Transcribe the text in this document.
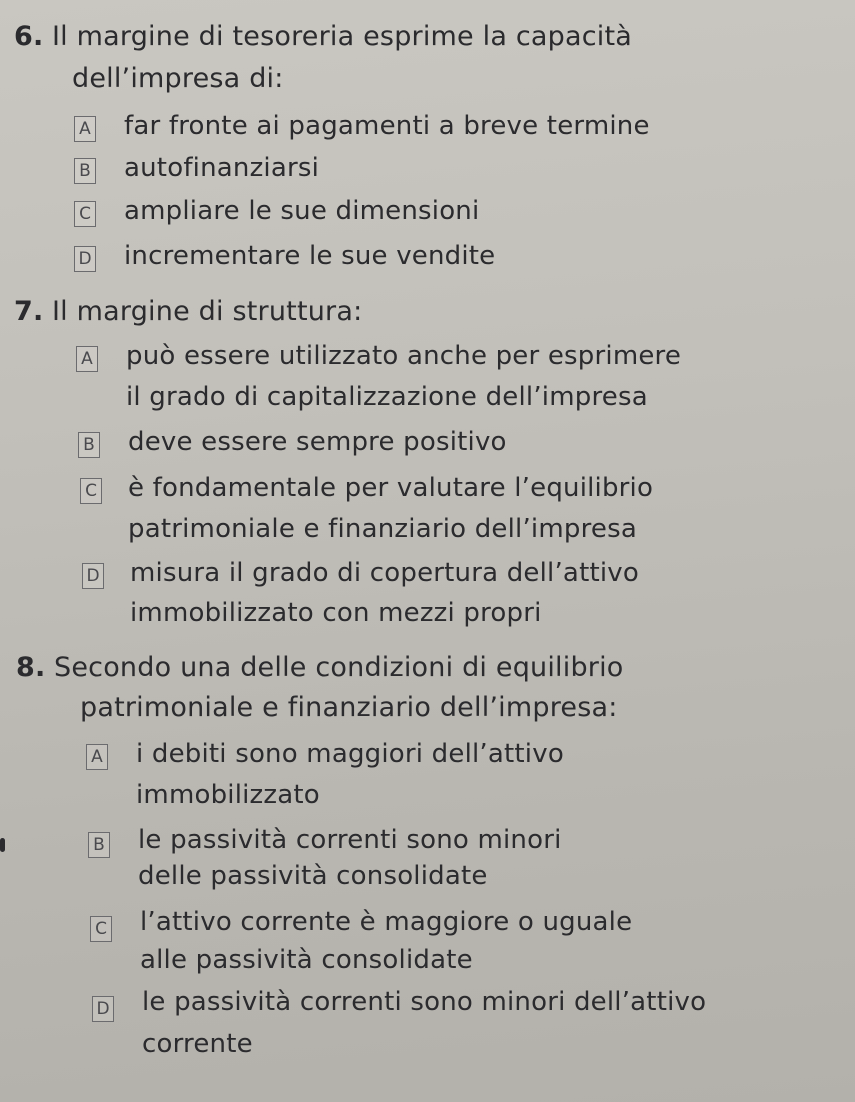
6. Il margine di tesoreria esprime la capacità
dell’impresa di:
A far fronte ai pagamenti a breve termine
B autofinanziarsi
C ampliare le sue dimensioni
D incrementare le sue vendite
7. Il margine di struttura:
A può essere utilizzato anche per esprimere
il grado di capitalizzazione dell’impresa
B deve essere sempre positivo
C è fondamentale per valutare l’equilibrio
patrimoniale e finanziario dell’impresa
D misura il grado di copertura dell’attivo
immobilizzato con mezzi propri
8. Secondo una delle condizioni di equilibrio
patrimoniale e finanziario dell’impresa:
A i debiti sono maggiori dell’attivo
immobilizzato
B le passività correnti sono minori
delle passività consolidate
C l’attivo corrente è maggiore o uguale
alle passività consolidate
D le passività correnti sono minori dell’attivo
corrente
